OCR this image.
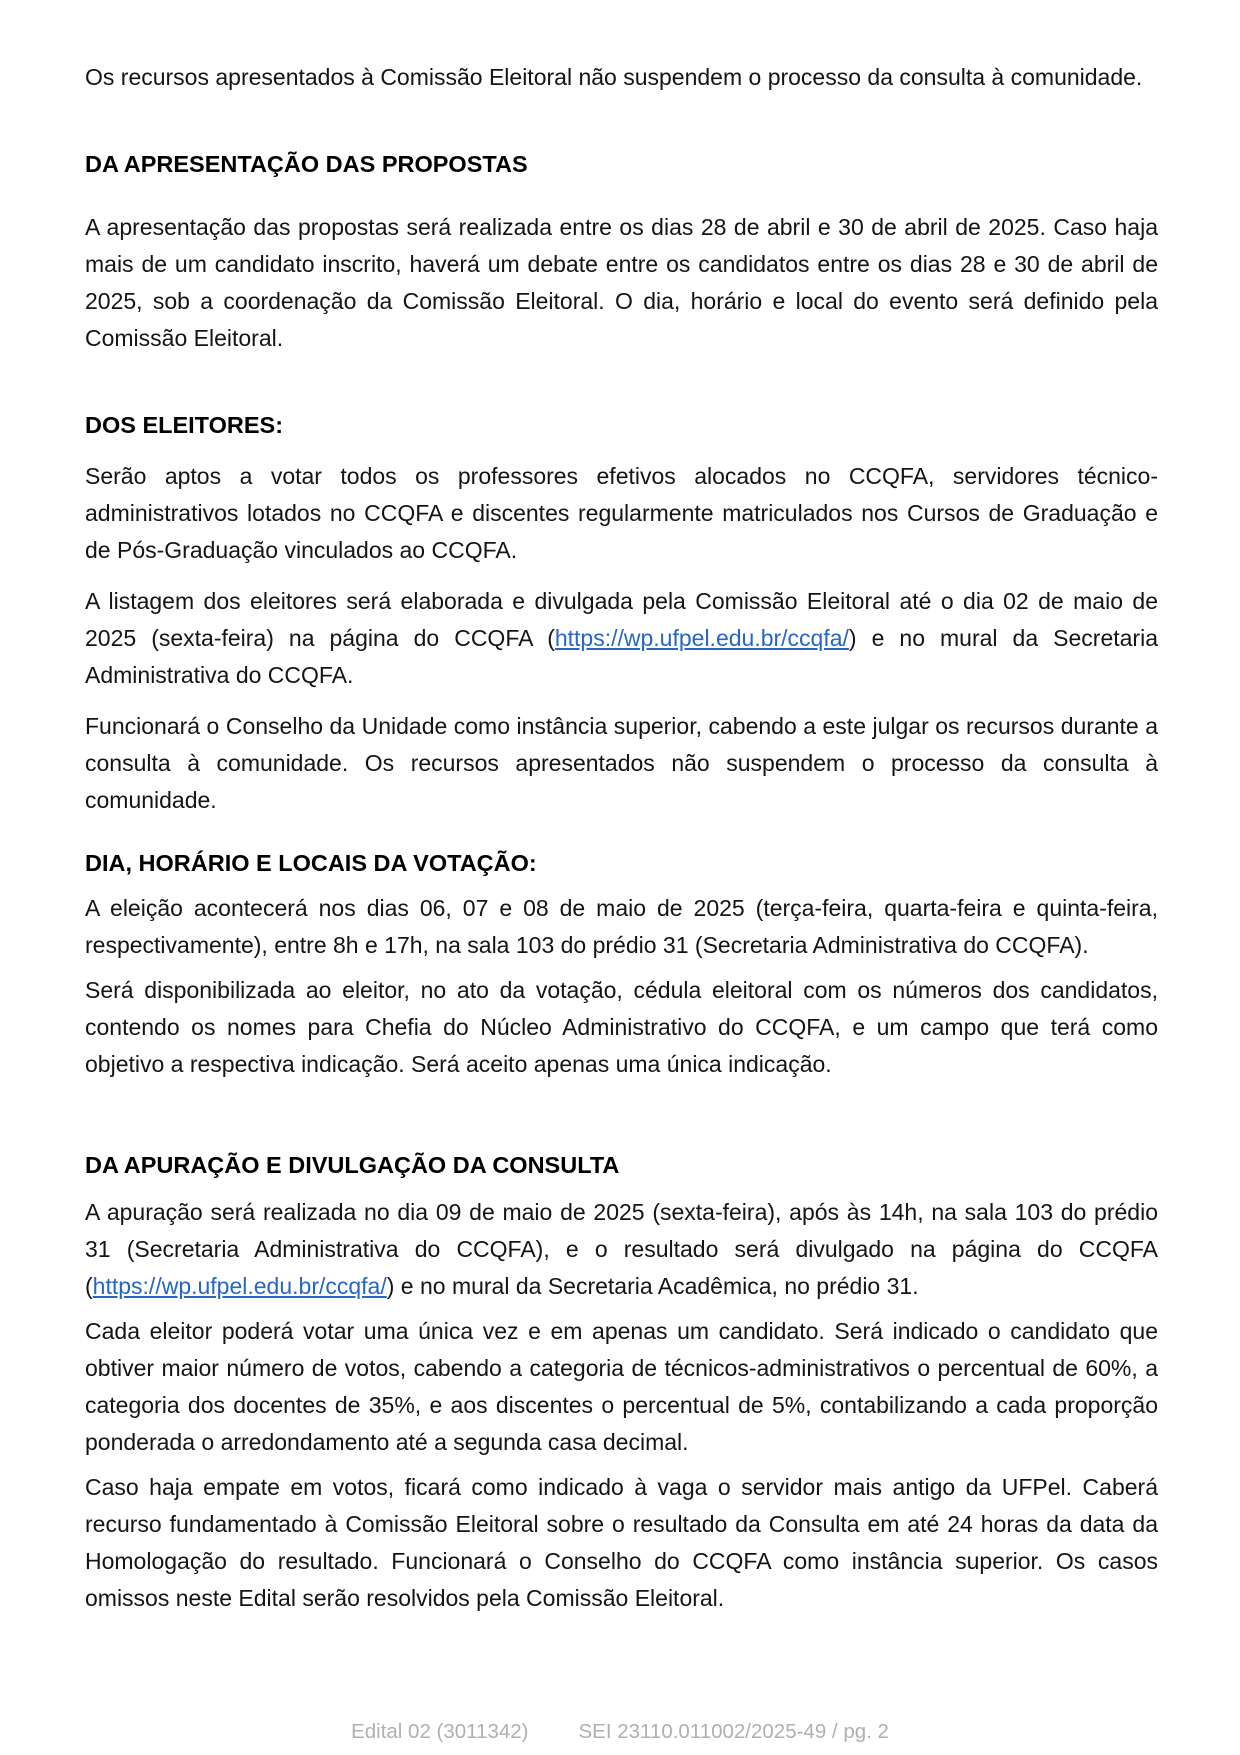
Os recursos apresentados à Comissão Eleitoral não suspendem o processo da consulta à comunidade.

DA APRESENTAÇÃO DAS PROPOSTAS

A apresentação das propostas será realizada entre os dias 28 de abril e 30 de abril de 2025. Caso haja mais de um candidato inscrito, haverá um debate entre os candidatos entre os dias 28 e 30 de abril de 2025, sob a coordenação da Comissão Eleitoral. O dia, horário e local do evento será definido pela Comissão Eleitoral.

DOS ELEITORES:

Serão aptos a votar todos os professores efetivos alocados no CCQFA, servidores técnico-administrativos lotados no CCQFA e discentes regularmente matriculados nos Cursos de Graduação e de Pós-Graduação vinculados ao CCQFA.

A listagem dos eleitores será elaborada e divulgada pela Comissão Eleitoral até o dia 02 de maio de 2025 (sexta-feira) na página do CCQFA (https://wp.ufpel.edu.br/ccqfa/) e no mural da Secretaria Administrativa do CCQFA.

Funcionará o Conselho da Unidade como instância superior, cabendo a este julgar os recursos durante a consulta à comunidade. Os recursos apresentados não suspendem o processo da consulta à comunidade.

DIA, HORÁRIO E LOCAIS DA VOTAÇÃO:

A eleição acontecerá nos dias 06, 07 e 08 de maio de 2025 (terça-feira, quarta-feira e quinta-feira, respectivamente), entre 8h e 17h, na sala 103 do prédio 31 (Secretaria Administrativa do CCQFA).

Será disponibilizada ao eleitor, no ato da votação, cédula eleitoral com os números dos candidatos, contendo os nomes para Chefia do Núcleo Administrativo do CCQFA, e um campo que terá como objetivo a respectiva indicação. Será aceito apenas uma única indicação.

DA APURAÇÃO E DIVULGAÇÃO DA CONSULTA

A apuração será realizada no dia 09 de maio de 2025 (sexta-feira), após às 14h, na sala 103 do prédio 31 (Secretaria Administrativa do CCQFA), e o resultado será divulgado na página do CCQFA (https://wp.ufpel.edu.br/ccqfa/) e no mural da Secretaria Acadêmica, no prédio 31.

Cada eleitor poderá votar uma única vez e em apenas um candidato. Será indicado o candidato que obtiver maior número de votos, cabendo a categoria de técnicos-administrativos o percentual de 60%, a categoria dos docentes de 35%, e aos discentes o percentual de 5%, contabilizando a cada proporção ponderada o arredondamento até a segunda casa decimal.

Caso haja empate em votos, ficará como indicado à vaga o servidor mais antigo da UFPel. Caberá recurso fundamentado à Comissão Eleitoral sobre o resultado da Consulta em até 24 horas da data da Homologação do resultado. Funcionará o Conselho do CCQFA como instância superior. Os casos omissos neste Edital serão resolvidos pela Comissão Eleitoral.

Edital 02 (3011342) SEI 23110.011002/2025-49 / pg. 2
